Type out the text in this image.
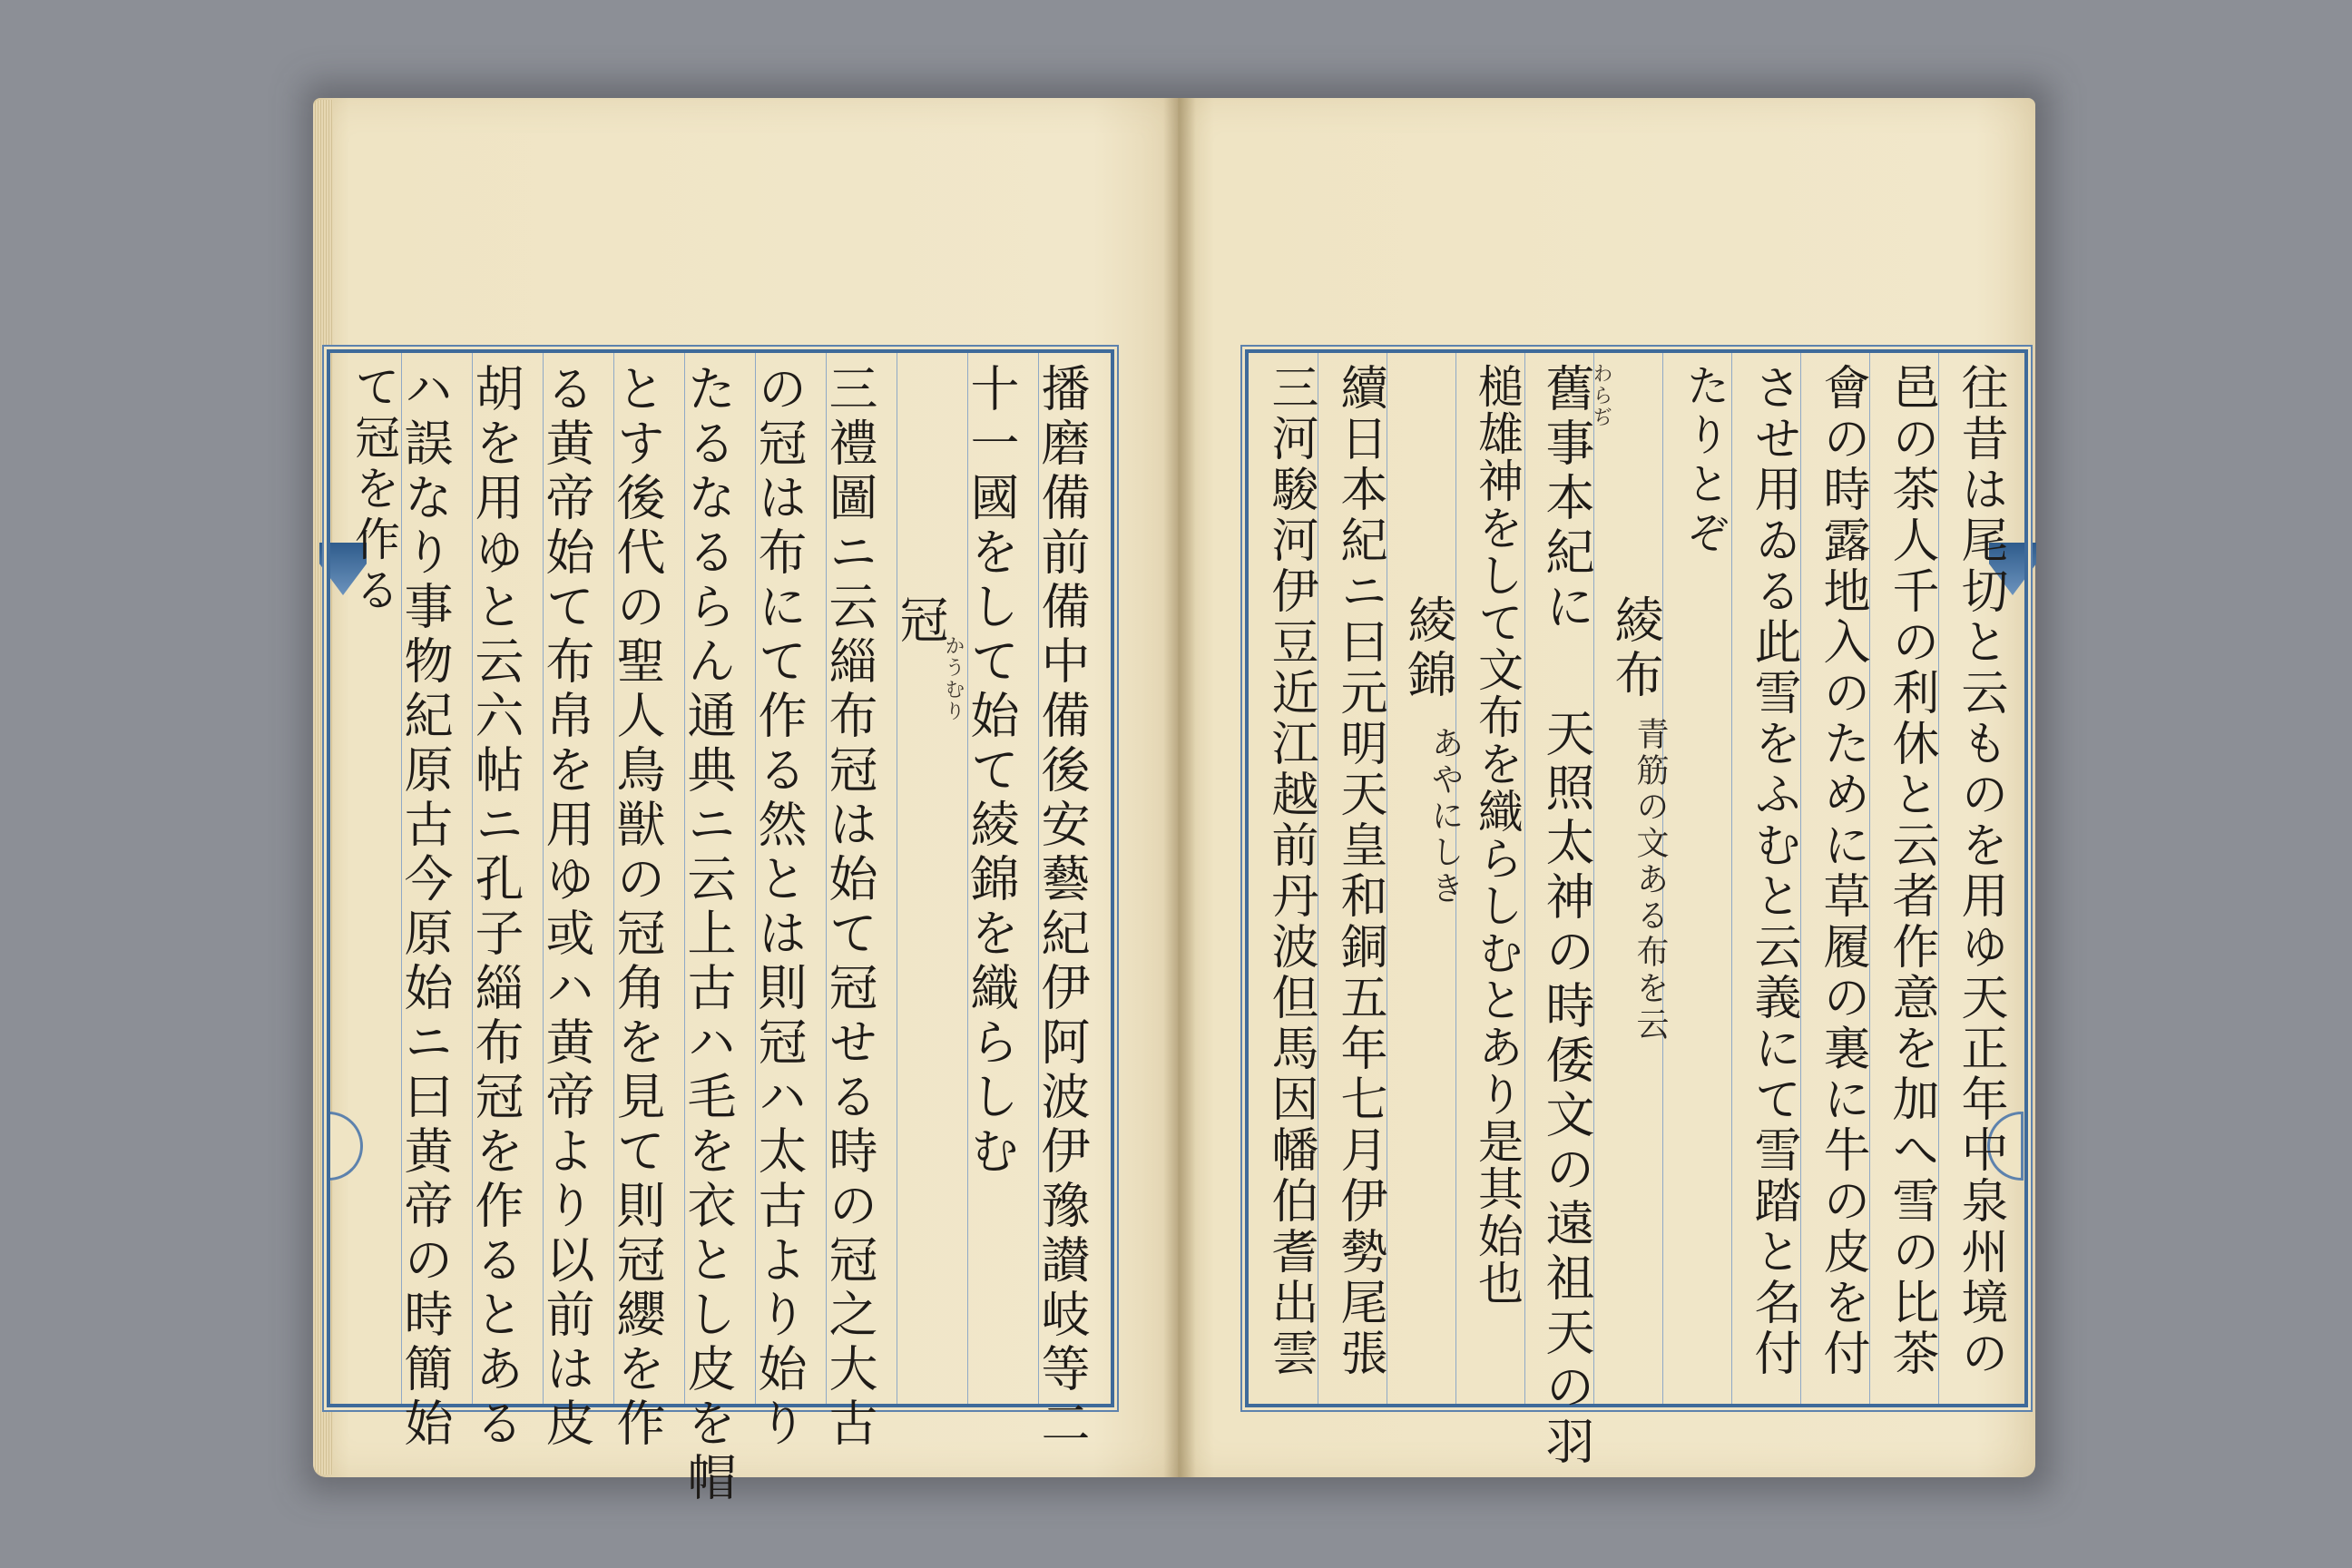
播磨備前備中備後安藝紀伊阿波伊豫讃岐等二
十一國をして始て綾錦を織らしむ
冠
かうむり
三禮圖ニ云緇布冠は始て冠せる時の冠之大古
の冠は布にて作る然とは則冠ハ太古より始り
たるなるらん通典ニ云上古ハ毛を衣とし皮を帽
とす後代の聖人鳥獣の冠角を見て則冠纓を作
る黄帝始て布帛を用ゆ或ハ黄帝より以前は皮
胡を用ゆと云六帖ニ孔子緇布冠を作るとある
ハ誤なり事物紀原古今原始ニ曰黄帝の時簡始
て冠を作る	往昔は尾切と云ものを用ゆ天正年中泉州境の
邑の茶人千の利休と云者作意を加へ雪の比茶
會の時露地入のために草履の裏に牛の皮を付
させ用ゐる此雪をふむと云義にて雪踏と名付
たりとぞ
綾布
青筋の文ある布を云
舊事本紀に
わらぢ
天照太神の時倭文の遠祖天の羽
槌雄神をして文布を織らしむとあり是其始也
綾錦
あやにしき
續日本紀ニ曰元明天皇和銅五年七月伊勢尾張
三河駿河伊豆近江越前丹波但馬因幡伯耆出雲
